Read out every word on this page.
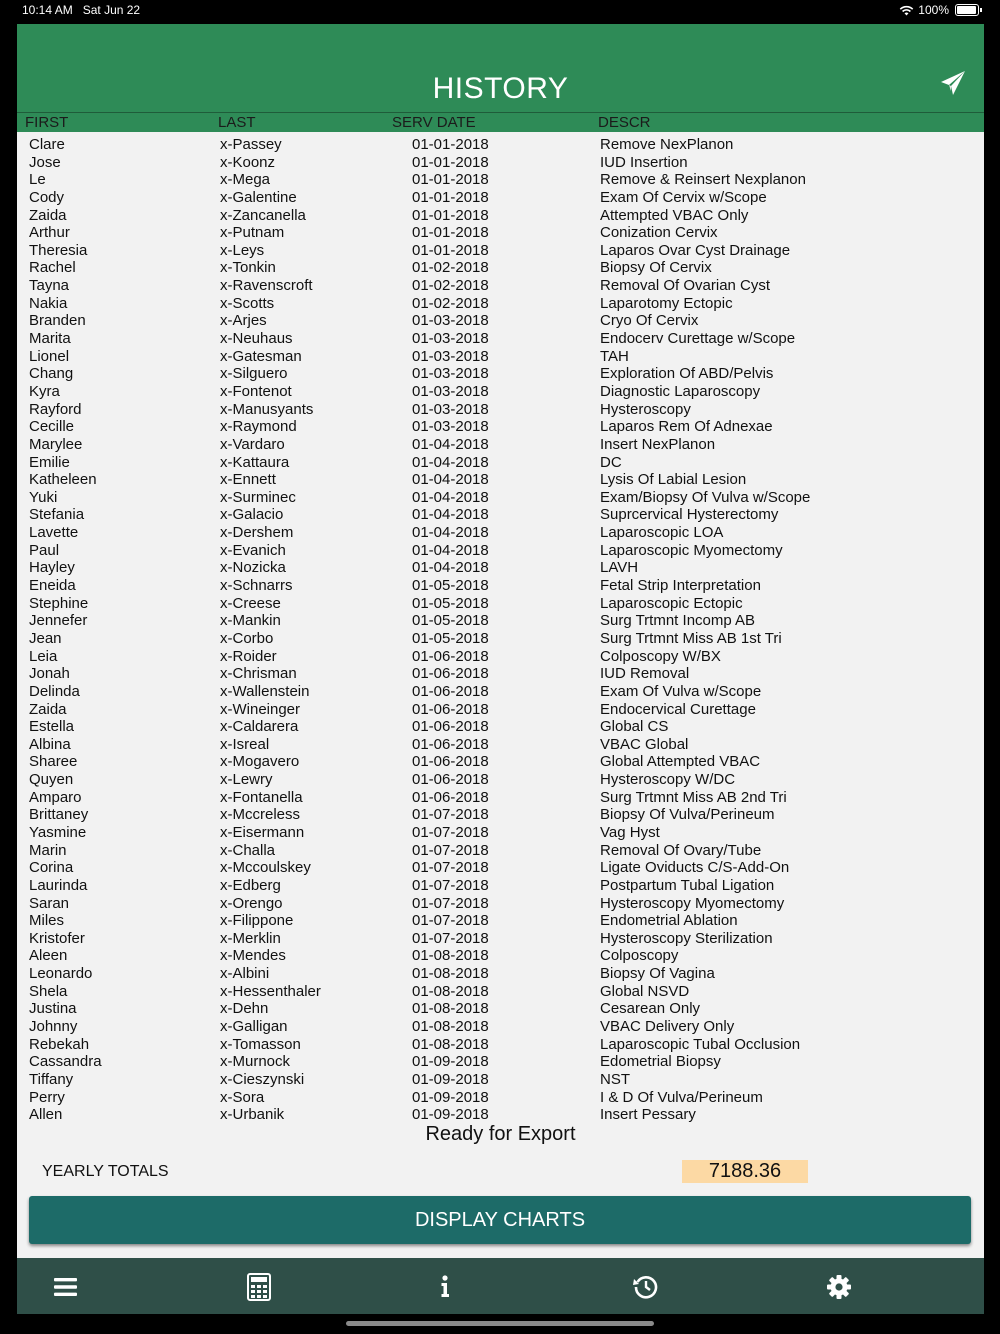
10:14 AM Sat Jun 22	100%
HISTORY
FIRST	LAST	SERV DATE	DESCR
Clare	x-Passey	01-01-2018	Remove NexPlanon
Jose	x-Koonz	01-01-2018	IUD Insertion
Le	x-Mega	01-01-2018	Remove & Reinsert Nexplanon
Cody	x-Galentine	01-01-2018	Exam Of Cervix w/Scope
Zaida	x-Zancanella	01-01-2018	Attempted VBAC Only
Arthur	x-Putnam	01-01-2018	Conization Cervix
Theresia	x-Leys	01-01-2018	Laparos Ovar Cyst Drainage
Rachel	x-Tonkin	01-02-2018	Biopsy Of Cervix
Tayna	x-Ravenscroft	01-02-2018	Removal Of Ovarian Cyst
Nakia	x-Scotts	01-02-2018	Laparotomy Ectopic
Branden	x-Arjes	01-03-2018	Cryo Of Cervix
Marita	x-Neuhaus	01-03-2018	Endocerv Curettage w/Scope
Lionel	x-Gatesman	01-03-2018	TAH
Chang	x-Silguero	01-03-2018	Exploration Of ABD/Pelvis
Kyra	x-Fontenot	01-03-2018	Diagnostic Laparoscopy
Rayford	x-Manusyants	01-03-2018	Hysteroscopy
Cecille	x-Raymond	01-03-2018	Laparos Rem Of Adnexae
Marylee	x-Vardaro	01-04-2018	Insert NexPlanon
Emilie	x-Kattaura	01-04-2018	DC
Katheleen	x-Ennett	01-04-2018	Lysis Of Labial Lesion
Yuki	x-Surminec	01-04-2018	Exam/Biopsy Of Vulva w/Scope
Stefania	x-Galacio	01-04-2018	Suprcervical Hysterectomy
Lavette	x-Dershem	01-04-2018	Laparoscopic LOA
Paul	x-Evanich	01-04-2018	Laparoscopic Myomectomy
Hayley	x-Nozicka	01-04-2018	LAVH
Eneida	x-Schnarrs	01-05-2018	Fetal Strip Interpretation
Stephine	x-Creese	01-05-2018	Laparoscopic Ectopic
Jennefer	x-Mankin	01-05-2018	Surg Trtmnt Incomp AB
Jean	x-Corbo	01-05-2018	Surg Trtmnt Miss AB 1st Tri
Leia	x-Roider	01-06-2018	Colposcopy W/BX
Jonah	x-Chrisman	01-06-2018	IUD Removal
Delinda	x-Wallenstein	01-06-2018	Exam Of Vulva w/Scope
Zaida	x-Wineinger	01-06-2018	Endocervical Curettage
Estella	x-Caldarera	01-06-2018	Global CS
Albina	x-Isreal	01-06-2018	VBAC Global
Sharee	x-Mogavero	01-06-2018	Global Attempted VBAC
Quyen	x-Lewry	01-06-2018	Hysteroscopy W/DC
Amparo	x-Fontanella	01-06-2018	Surg Trtmnt Miss AB 2nd Tri
Brittaney	x-Mccreless	01-07-2018	Biopsy Of Vulva/Perineum
Yasmine	x-Eisermann	01-07-2018	Vag Hyst
Marin	x-Challa	01-07-2018	Removal Of Ovary/Tube
Corina	x-Mccoulskey	01-07-2018	Ligate Oviducts C/S-Add-On
Laurinda	x-Edberg	01-07-2018	Postpartum Tubal Ligation
Saran	x-Orengo	01-07-2018	Hysteroscopy Myomectomy
Miles	x-Filippone	01-07-2018	Endometrial Ablation
Kristofer	x-Merklin	01-07-2018	Hysteroscopy Sterilization
Aleen	x-Mendes	01-08-2018	Colposcopy
Leonardo	x-Albini	01-08-2018	Biopsy Of Vagina
Shela	x-Hessenthaler	01-08-2018	Global NSVD
Justina	x-Dehn	01-08-2018	Cesarean Only
Johnny	x-Galligan	01-08-2018	VBAC Delivery Only
Rebekah	x-Tomasson	01-08-2018	Laparoscopic Tubal Occlusion
Cassandra	x-Murnock	01-09-2018	Edometrial Biopsy
Tiffany	x-Cieszynski	01-09-2018	NST
Perry	x-Sora	01-09-2018	I & D Of Vulva/Perineum
Allen	x-Urbanik	01-09-2018	Insert Pessary
Ready for Export
YEARLY TOTALS	7188.36
DISPLAY CHARTS
